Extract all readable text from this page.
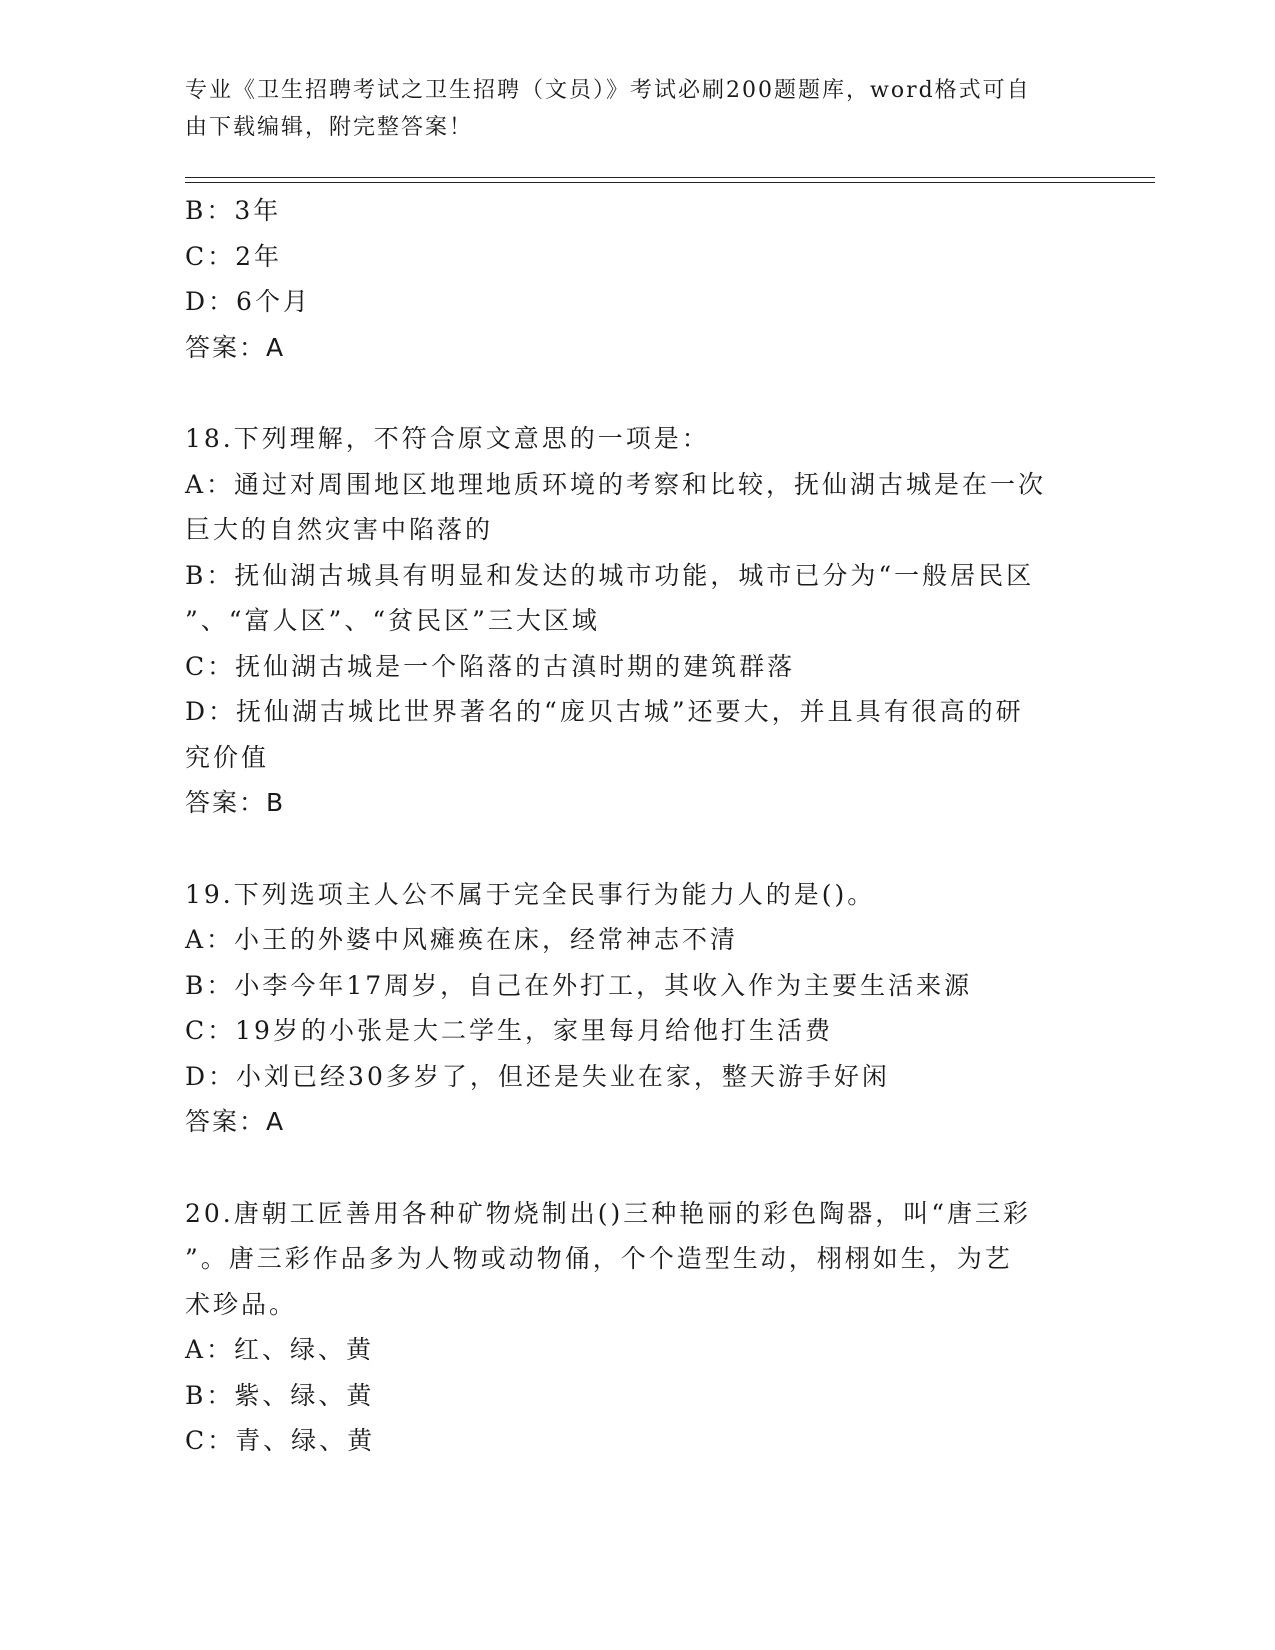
专业《卫生招聘考试之卫生招聘（文员）》考试必刷200题题库，word格式可自
由下载编辑，附完整答案！
B：3年
C：2年
D：6个月
答案：A
18.下列理解，不符合原文意思的一项是：
A：通过对周围地区地理地质环境的考察和比较，抚仙湖古城是在一次
巨大的自然灾害中陷落的
B：抚仙湖古城具有明显和发达的城市功能，城市已分为“一般居民区
”、“富人区”、“贫民区”三大区域
C：抚仙湖古城是一个陷落的古滇时期的建筑群落
D：抚仙湖古城比世界著名的“庞贝古城”还要大，并且具有很高的研
究价值
答案：B
19.下列选项主人公不属于完全民事行为能力人的是()。
A：小王的外婆中风瘫痪在床，经常神志不清
B：小李今年17周岁，自己在外打工，其收入作为主要生活来源
C：19岁的小张是大二学生，家里每月给他打生活费
D：小刘已经30多岁了，但还是失业在家，整天游手好闲
答案：A
20.唐朝工匠善用各种矿物烧制出()三种艳丽的彩色陶器，叫“唐三彩
”。唐三彩作品多为人物或动物俑，个个造型生动，栩栩如生，为艺
术珍品。
A：红、绿、黄
B：紫、绿、黄
C：青、绿、黄
